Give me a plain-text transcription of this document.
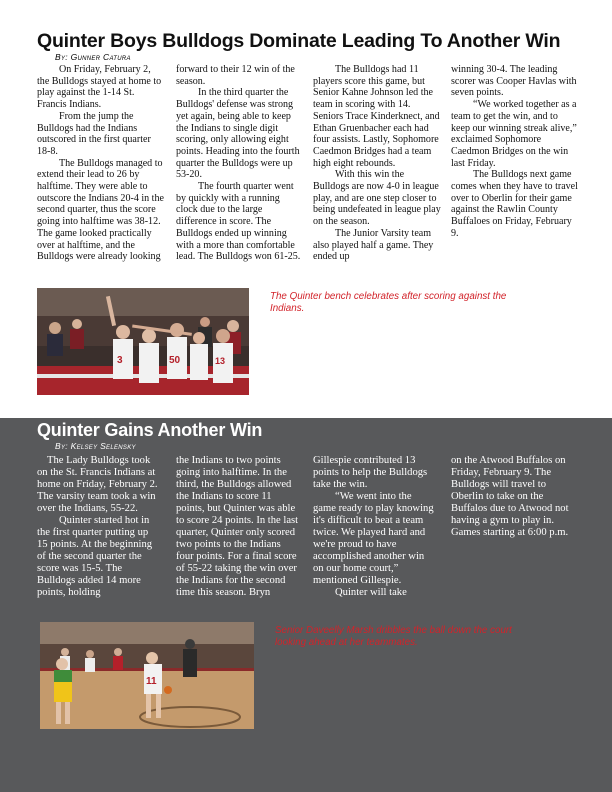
Quinter Boys Bulldogs Dominate Leading To Another Win
By: Gunner Catura

On Friday, February 2, the Bulldogs stayed at home to play against the 1-14 St. Francis Indians.

From the jump the Bulldogs had the Indians outscored in the first quarter 18-8.

The Bulldogs managed to extend their lead to 26 by halftime. They were able to outscore the Indians 20-4 in the second quarter, thus the score going into halftime was 38-12. The game looked practically over at halftime, and the Bulldogs were already looking

forward to their 12 win of the season.

In the third quarter the Bulldogs' defense was strong yet again, being able to keep the Indians to single digit scoring, only allowing eight points. Heading into the fourth quarter the Bulldogs were up 53-20.

The fourth quarter went by quickly with a running clock due to the large difference in score. The Bulldogs ended up winning with a more than comfortable lead. The Bulldogs won 61-25.

The Bulldogs had 11 players score this game, but Senior Kahne Johnson led the team in scoring with 14. Seniors Trace Kinderknect, and Ethan Gruenbacher each had four assists. Lastly, Sophomore Caedmon Bridges had a team high eight rebounds.

With this win the Bulldogs are now 4-0 in league play, and are one step closer to being undefeated in league play on the season.

The Junior Varsity team also played half a game. They ended up

winning 30-4. The leading scorer was Cooper Havlas with seven points.

“We worked together as a team to get the win, and to keep our winning streak alive,” exclaimed Sophomore Caedmon Bridges on the win last Friday.

The Bulldogs next game comes when they have to travel over to Oberlin for their game against the Rawlin County Buffaloes on Friday, February 9.

3	50	13
The Quinter bench celebrates after scoring against the Indians.
Quinter Gains Another Win
By: Kelsey Selensky

The Lady Bulldogs took on the St. Francis Indians at home on Friday, February 2. The varsity team took a win over the Indians, 55-22.

Quinter started hot in the first quarter putting up 15 points. At the beginning of the second quarter the score was 15-5. The Bulldogs added 14 more points, holding

the Indians to two points going into halftime. In the third, the Bulldogs allowed the Indians to score 11 points, but Quinter was able to score 24 points. In the last quarter, Quinter only scored two points to the Indians four points. For a final score of 55-22 taking the win over the Indians for the second time this season. Bryn

Gillespie contributed 13 points to help the Bulldogs take the win.

“We went into the game ready to play knowing it's difficult to beat a team twice. We played hard and we're proud to have accomplished another win on our home court,” mentioned Gillespie.

Quinter will take

on the Atwood Buffalos on Friday, February 9. The Bulldogs will travel to Oberlin to take on the Buffalos due to Atwood not having a gym to play in. Games starting at 6:00 p.m.

11
Senior Daveelly Marsh dribbles the ball down the court looking ahead at her teammates.
